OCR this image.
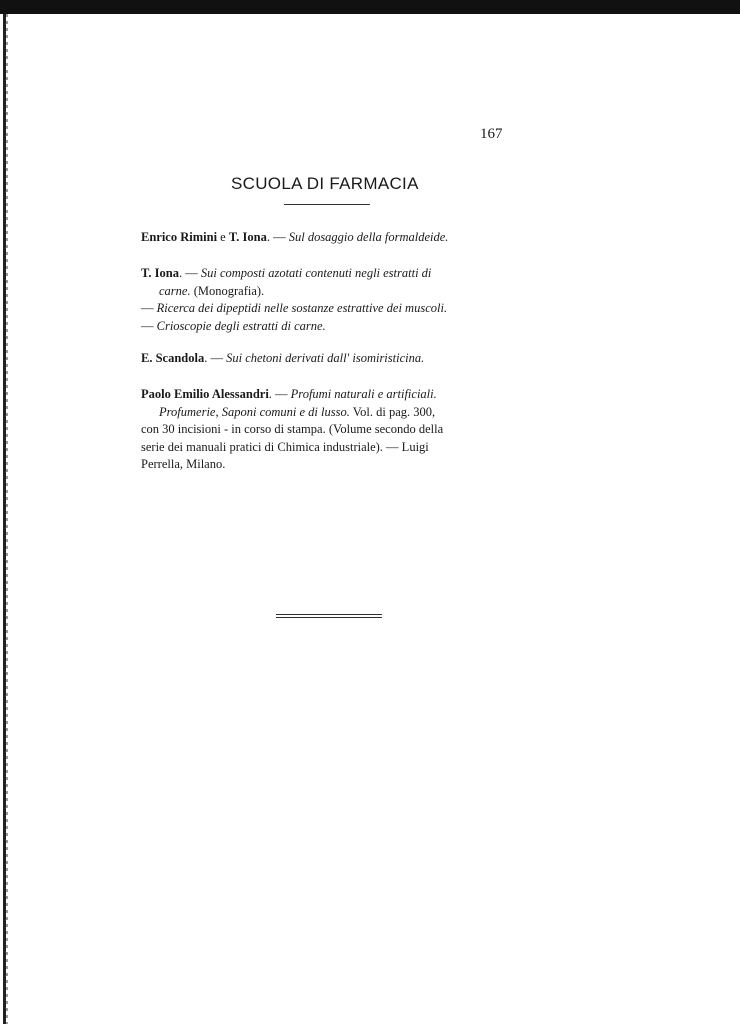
167
SCUOLA DI FARMACIA
Enrico Rimini e T. Iona. — Sul dosaggio della formaldeide.
T. Iona. — Sui composti azotati contenuti negli estratti di
carne. (Monografia).
— Ricerca dei dipeptidi nelle sostanze estrattive dei muscoli.
— Crioscopie degli estratti di carne.
E. Scandola. — Sui chetoni derivati dall' isomiristicina.
Paolo Emilio Alessandri. — Profumi naturali e artificiali.
Profumerie, Saponi comuni e di lusso. Vol. di pag. 300,
con 30 incisioni - in corso di stampa. (Volume secondo della
serie dei manuali pratici di Chimica industriale). — Luigi
Perrella, Milano.
